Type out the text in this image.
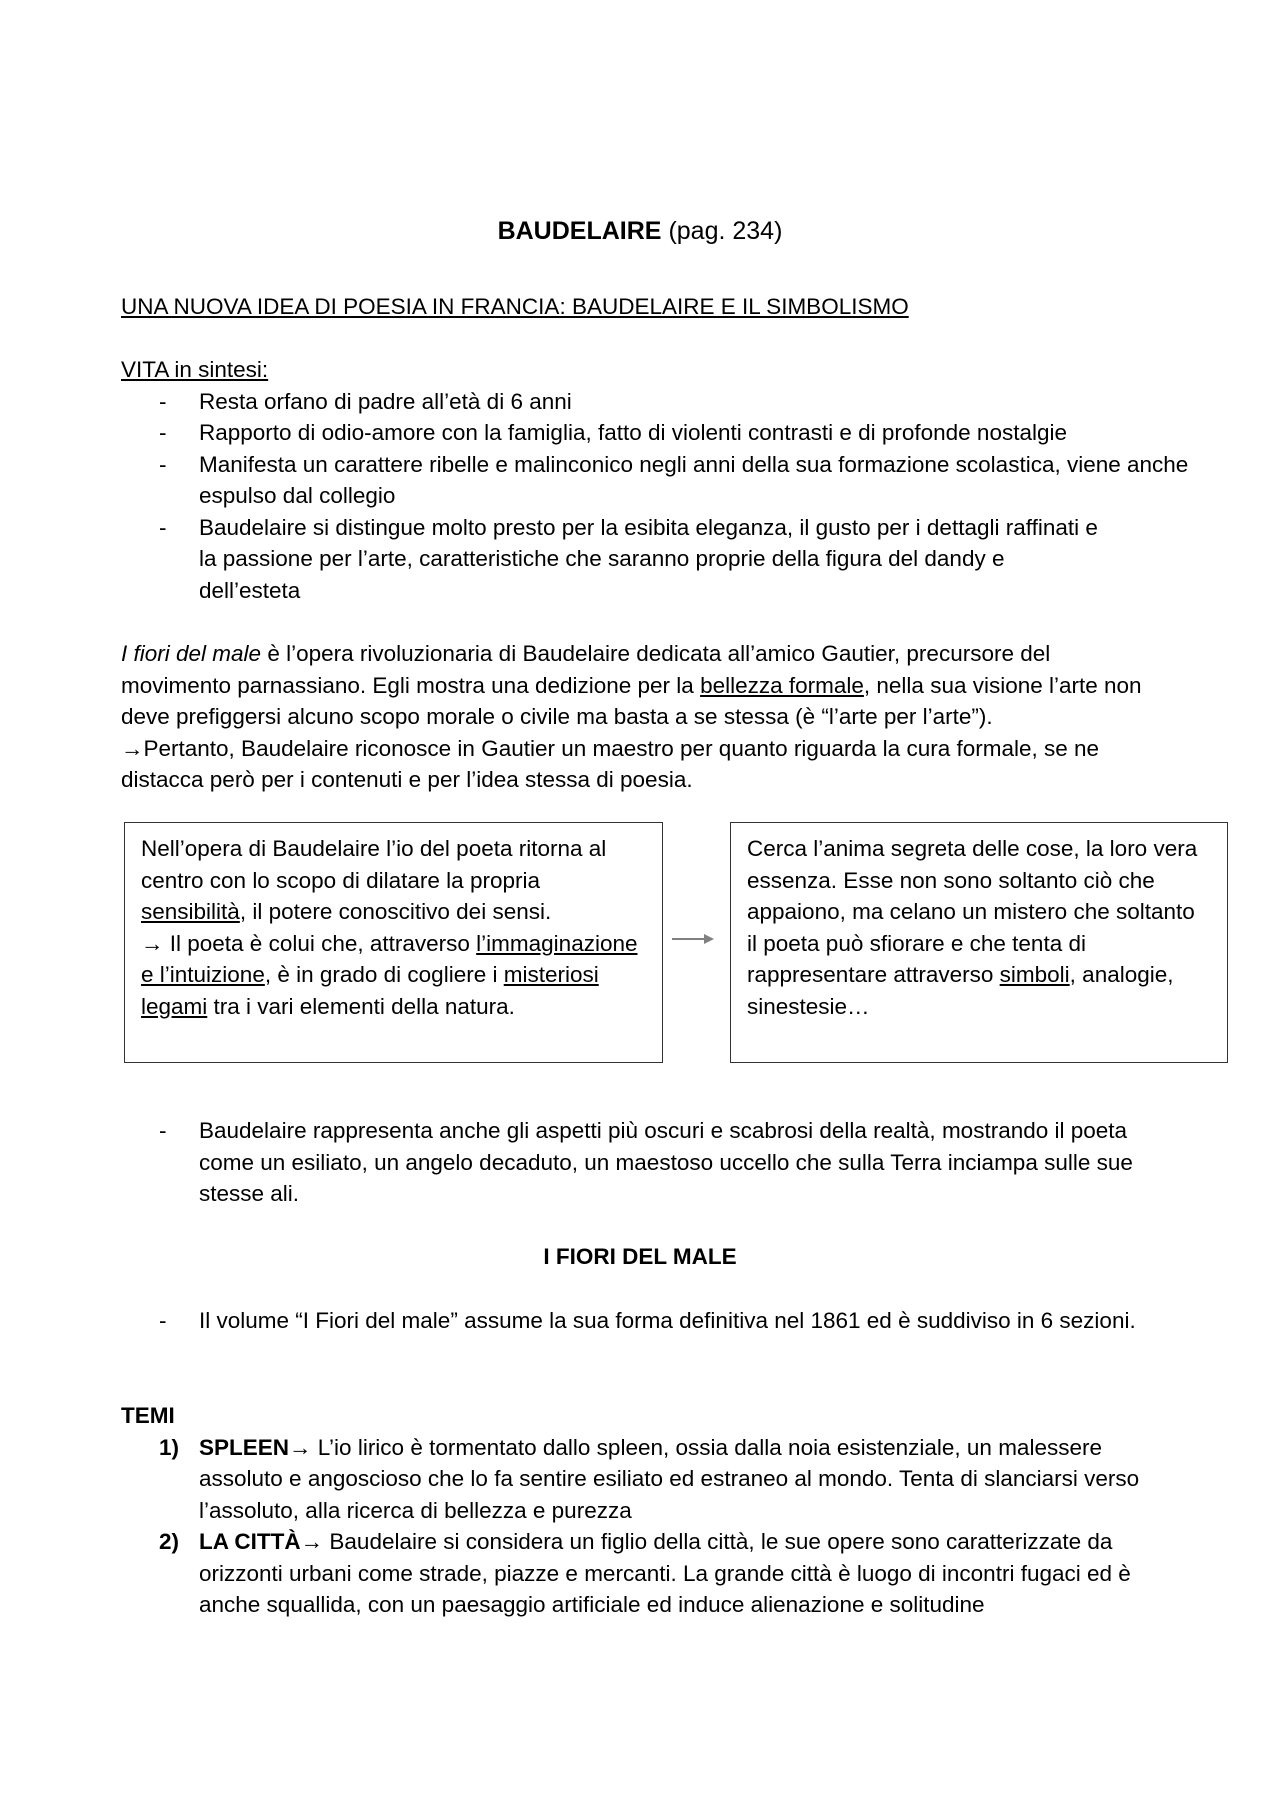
BAUDELAIRE (pag. 234)
UNA NUOVA IDEA DI POESIA IN FRANCIA: BAUDELAIRE E IL SIMBOLISMO
VITA in sintesi:
- Resta orfano di padre all’età di 6 anni
- Rapporto di odio-amore con la famiglia, fatto di violenti contrasti e di profonde nostalgie
- Manifesta un carattere ribelle e malinconico negli anni della sua formazione scolastica, viene anche espulso dal collegio
- Baudelaire si distingue molto presto per la esibita eleganza, il gusto per i dettagli raffinati e la passione per l’arte, caratteristiche che saranno proprie della figura del dandy e dell’esteta
I fiori del male è l’opera rivoluzionaria di Baudelaire dedicata all’amico Gautier, precursore del movimento parnassiano. Egli mostra una dedizione per la bellezza formale, nella sua visione l’arte non deve prefiggersi alcuno scopo morale o civile ma basta a se stessa (è “l’arte per l’arte”).
→Pertanto, Baudelaire riconosce in Gautier un maestro per quanto riguarda la cura formale, se ne distacca però per i contenuti e per l’idea stessa di poesia.

Nell’opera di Baudelaire l’io del poeta ritorna al centro con lo scopo di dilatare la propria sensibilità, il potere conoscitivo dei sensi.
→ Il poeta è colui che, attraverso l’immaginazione e l’intuizione, è in grado di cogliere i misteriosi legami tra i vari elementi della natura.

Cerca l’anima segreta delle cose, la loro vera essenza. Esse non sono soltanto ciò che appaiono, ma celano un mistero che soltanto il poeta può sfiorare e che tenta di rappresentare attraverso simboli, analogie, sinestesie…

- Baudelaire rappresenta anche gli aspetti più oscuri e scabrosi della realtà, mostrando il poeta come un esiliato, un angelo decaduto, un maestoso uccello che sulla Terra inciampa sulle sue stesse ali.
I FIORI DEL MALE
- Il volume “I Fiori del male” assume la sua forma definitiva nel 1861 ed è suddiviso in 6 sezioni.
TEMI
1) SPLEEN→ L’io lirico è tormentato dallo spleen, ossia dalla noia esistenziale, un malessere assoluto e angoscioso che lo fa sentire esiliato ed estraneo al mondo. Tenta di slanciarsi verso l’assoluto, alla ricerca di bellezza e purezza
2) LA CITTÀ→ Baudelaire si considera un figlio della città, le sue opere sono caratterizzate da orizzonti urbani come strade, piazze e mercanti. La grande città è luogo di incontri fugaci ed è anche squallida, con un paesaggio artificiale ed induce alienazione e solitudine
